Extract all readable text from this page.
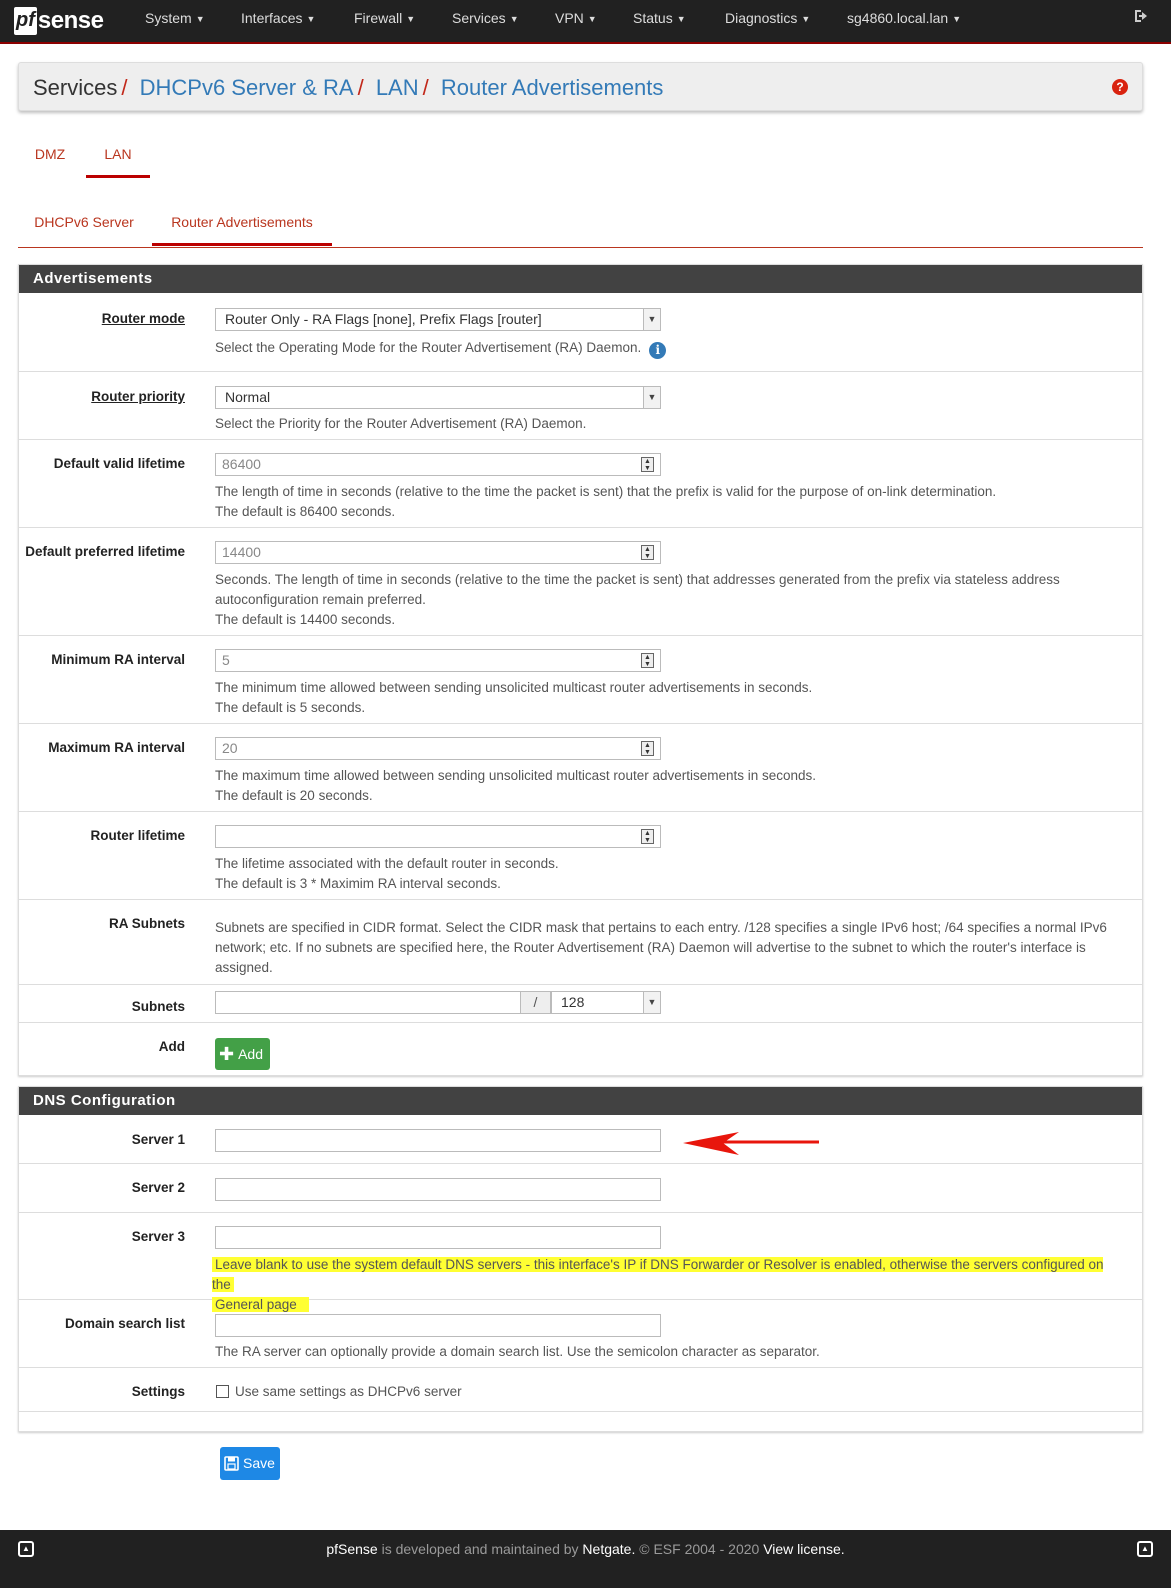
pf sense	System ▼	Interfaces ▼	Firewall ▼	Services ▼	VPN ▼	Status ▼	Diagnostics ▼	sg4860.local.lan ▼
Services / DHCPv6 Server & RA / LAN / Router Advertisements	?
DMZ	LAN
DHCPv6 Server	Router Advertisements
Advertisements
Router mode	Router Only - RA Flags [none], Prefix Flags [router]	▼
Select the Operating Mode for the Router Advertisement (RA) Daemon. i
Router priority	Normal	▼
Select the Priority for the Router Advertisement (RA) Daemon.
Default valid lifetime	86400	▲
▼
The length of time in seconds (relative to the time the packet is sent) that the prefix is valid for the purpose of on-link determination.
The default is 86400 seconds.
Default preferred lifetime	14400	▲
▼
Seconds. The length of time in seconds (relative to the time the packet is sent) that addresses generated from the prefix via stateless address autoconfiguration remain preferred.
The default is 14400 seconds.
Minimum RA interval	5	▲
▼
The minimum time allowed between sending unsolicited multicast router advertisements in seconds.
The default is 5 seconds.
Maximum RA interval	20	▲
▼
The maximum time allowed between sending unsolicited multicast router advertisements in seconds.
The default is 20 seconds.
Router lifetime	▲
▼
The lifetime associated with the default router in seconds.
The default is 3 * Maximim RA interval seconds.
RA Subnets Subnets are specified in CIDR format. Select the CIDR mask that pertains to each entry. /128 specifies a single IPv6 host; /64 specifies a normal IPv6 network; etc. If no subnets are specified here, the Router Advertisement (RA) Daemon will advertise to the subnet to which the router's interface is assigned.
Subnets	/	128	▼
Add ✚ Add
DNS Configuration
Server 1
Server 2
Server 3
Leave blank to use the system default DNS servers - this interface's IP if DNS Forwarder or Resolver is enabled, otherwise the servers configured on the
General page
Domain search list
The RA server can optionally provide a domain search list. Use the semicolon character as separator.
Settings	Use same settings as DHCPv6 server
Save
▲	pfSense is developed and maintained by Netgate. © ESF 2004 - 2020 View license.	▲
